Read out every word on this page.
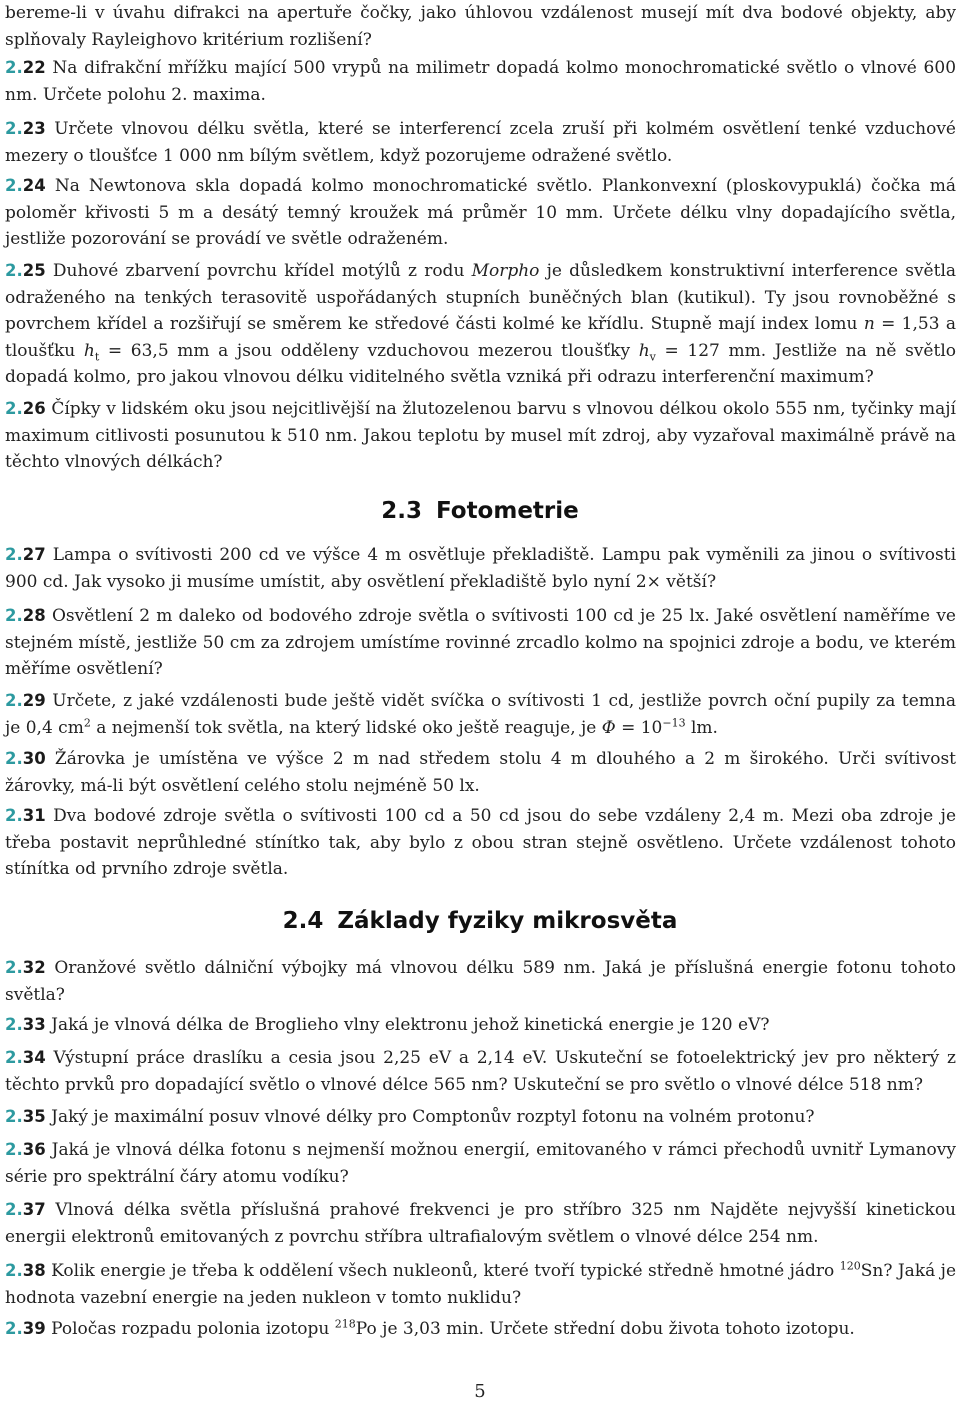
bereme-li v úvahu difrakci na apertuře čočky, jako úhlovou vzdálenost musejí mít dva bodové objekty, aby splňovaly Rayleighovo kritérium rozlišení?
2.22 Na difrakční mřížku mající 500 vrypů na milimetr dopadá kolmo monochromatické světlo o vlnové 600 nm. Určete polohu 2. maxima.
2.23 Určete vlnovou délku světla, které se interferencí zcela zruší při kolmém osvětlení tenké vzduchové mezery o tloušťce 1 000 nm bílým světlem, když pozorujeme odražené světlo.
2.24 Na Newtonova skla dopadá kolmo monochromatické světlo. Plankonvexní (ploskovypuklá) čočka má poloměr křivosti 5 m a desátý temný kroužek má průměr 10 mm. Určete délku vlny dopadajícího světla, jestliže pozorování se provádí ve světle odraženém.
2.25 Duhové zbarvení povrchu křídel motýlů z rodu Morpho je důsledkem konstruktivní interference světla odraženého na tenkých terasovitě uspořádaných stupních buněčných blan (kutikul). Ty jsou rovnoběžné s povrchem křídel a rozšiřují se směrem ke středové části kolmé ke křídlu. Stupně mají index lomu n = 1,53 a tloušťku $h_t = 63,5$ mm a jsou odděleny vzduchovou mezerou tloušťky $h_v = 127$ mm. Jestliže na ně světlo dopadá kolmo, pro jakou vlnovou délku viditelného světla vzniká při odrazu interferenční maximum?
2.26 Čípky v lidském oku jsou nejcitlivější na žlutozelenou barvu s vlnovou délkou okolo 555 nm, tyčinky mají maximum citlivosti posunutou k 510 nm. Jakou teplotu by musel mít zdroj, aby vyzařoval maximálně právě na těchto vlnových délkách?
2.3 Fotometrie
2.27 Lampa o svítivosti 200 cd ve výšce 4 m osvětluje překladiště. Lampu pak vyměnili za jinou o svítivosti 900 cd. Jak vysoko ji musíme umístit, aby osvětlení překladiště bylo nyní 2× větší?
2.28 Osvětlení 2 m daleko od bodového zdroje světla o svítivosti 100 cd je 25 lx. Jaké osvětlení naměříme ve stejném místě, jestliže 50 cm za zdrojem umístíme rovinné zrcadlo kolmo na spojnici zdroje a bodu, ve kterém měříme osvětlení?
2.29 Určete, z jaké vzdálenosti bude ještě vidět svíčka o svítivosti 1 cd, jestliže povrch oční pupily za temna je 0,4 $cm^2$ a nejmenší tok světla, na který lidské oko ještě reaguje, je $\Phi = 10^{-13}$ lm.
2.30 Žárovka je umístěna ve výšce 2 m nad středem stolu 4 m dlouhého a 2 m širokého. Urči svítivost žárovky, má-li být osvětlení celého stolu nejméně 50 lx.
2.31 Dva bodové zdroje světla o svítivosti 100 cd a 50 cd jsou do sebe vzdáleny 2,4 m. Mezi oba zdroje je třeba postavit neprůhledné stínítko tak, aby bylo z obou stran stejně osvětleno. Určete vzdálenost tohoto stínítka od prvního zdroje světla.
2.4 Základy fyziky mikrosvěta
2.32 Oranžové světlo dálniční výbojky má vlnovou délku 589 nm. Jaká je příslušná energie fotonu tohoto světla?
2.33 Jaká je vlnová délka de Broglieho vlny elektronu jehož kinetická energie je 120 eV?
2.34 Výstupní práce draslíku a cesia jsou 2,25 eV a 2,14 eV. Uskuteční se fotoelektrický jev pro některý z těchto prvků pro dopadající světlo o vlnové délce 565 nm? Uskuteční se pro světlo o vlnové délce 518 nm?
2.35 Jaký je maximální posuv vlnové délky pro Comptonův rozptyl fotonu na volném protonu?
2.36 Jaká je vlnová délka fotonu s nejmenší možnou energií, emitovaného v rámci přechodů uvnitř Lymanovy série pro spektrální čáry atomu vodíku?
2.37 Vlnová délka světla příslušná prahové frekvenci je pro stříbro 325 nm Najděte nejvyšší kinetickou energii elektronů emitovaných z povrchu stříbra ultrafialovým světlem o vlnové délce 254 nm.
2.38 Kolik energie je třeba k oddělení všech nukleonů, které tvoří typické středně hmotné jádro $^{120}$Sn? Jaká je hodnota vazební energie na jeden nukleon v tomto nuklidu?
2.39 Poločas rozpadu polonia izotopu $^{218}$Po je 3,03 min. Určete střední dobu života tohoto izotopu.
5
